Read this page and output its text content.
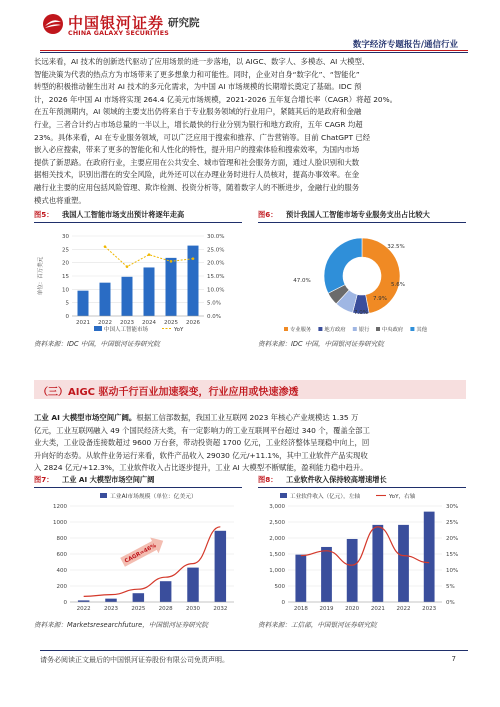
中国银河证券
CHINA GALAXY SECURITIES
研究院
数字经济专题报告/通信行业
长远来看，AI 技术的创新迭代驱动了应用场景的进一步落地，以 AIGC、数字人、多模态、AI 大模型、
智能决策为代表的热点方为市场带来了更多想象力和可能性。同时，企业对自身“数字化”、“智能化”
转型的积极推动催生出对 AI 技术的多元化需求，为中国 AI 市场规模的长期增长奠定了基础。IDC 预
计，2026 年中国 AI 市场将实现 264.4 亿美元市场规模，2021-2026 五年复合增长率（CAGR）将超 20%。
在五年预测期内，AI 领域的主要支出仍将来自于专业服务领域的行业用户，紧随其后的是政府和金融
行业，三者合计约占市场总量的一半以上，增长最快的行业分别为银行和地方政府，五年 CAGR 均超
23%。具体来看，AI 在专业服务领域，可以广泛应用于搜索和推荐、广告营销等。目前 ChatGPT 已经
嵌入必应搜索，带来了更多的智能化和人性化的特性，提升用户的搜索体验和搜索效率，为国内市场
提供了新思路。在政府行业，主要应用在公共安全、城市管理和社会服务方面，通过人脸识别和大数
据相关技术，识别出潜在的安全风险，此外还可以在办理业务时进行人员核对，提高办事效率。在金
融行业主要的应用包括风险管理、欺诈检测、投资分析等，随着数字人的不断进步，金融行业的服务
模式也将重塑。
图5： 我国人工智能市场支出预计将逐年走高
0
5
10
15
20
25
30
0.0%
5.0%
10.0%
15.0%
20.0%
25.0%
30.0%
单位：百万美元
2021 2022 2023 2024 2025 2026
中国人工智能市场	YoY
资料来源：IDC 中国，中国银河证券研究院
图6： 预计我国人工智能市场专业服务支出占比较大
47.0%
7.0%
7.9%
5.6%
32.5%
专业服务 地方政府 银行 中央政府 其他
资料来源：IDC 中国，中国银河证券研究院
（三）AIGC 驱动千行百业加速裂变，行业应用或快速渗透
工业 AI 大模型市场空间广阔。根据工信部数据，我国工业互联网 2023 年核心产业规模达 1.35 万
亿元，工业互联网融入 49 个国民经济大类，有一定影响力的工业互联网平台超过 340 个，覆盖全部工
业大类，工业设备连接数超过 9600 万台套，带动投资超 1700 亿元，工业经济整体呈现稳中向上，回
升向好的态势。从软件业务运行来看，软件产品收入 29030 亿元/+11.1%，其中工业软件产品实现收
入 2824 亿元/+12.3%，工业软件收入占比逐步提升，工业 AI 大模型不断赋能，盈利能力稳中趋升。
图7： 工业 AI 大模型市场空间广阔
0
200
400
600
800
1000
1200
工业AI市场规模（单位：亿美元）
2022 2023 2025 2028 2030 2032
CAGR=46%
资料来源：Marketsresearchfuture，中国银河证券研究院
图8： 工业软件收入保持较高增速增长
工业软件收入（亿元），左轴	YoY，右轴
0
500
1,000
1,500
2,000
2,500
3,000
0%
5%
10%
15%
20%
25%
30%
2018 2019 2020 2021 2022 2023
资料来源：工信部，中国银河证券研究院
请务必阅读正文最后的中国银河证券股份有限公司免责声明。	7
